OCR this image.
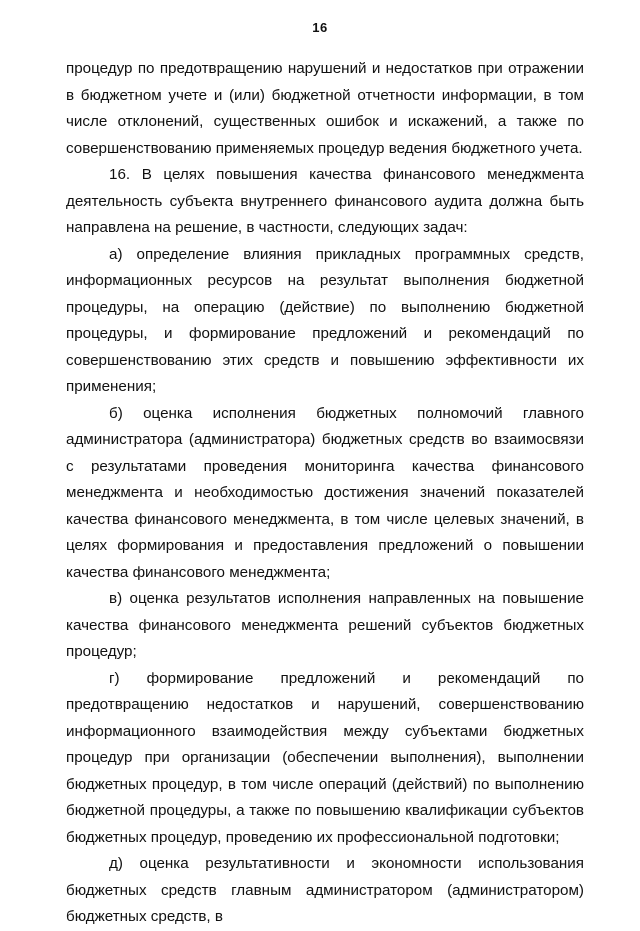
16

процедур по предотвращению нарушений и недостатков при отражении в бюджетном учете и (или) бюджетной отчетности информации, в том числе отклонений, существенных ошибок и искажений, а также по совершенствованию применяемых процедур ведения бюджетного учета.

16. В целях повышения качества финансового менеджмента деятельность субъекта внутреннего финансового аудита должна быть направлена на решение, в частности, следующих задач:

а) определение влияния прикладных программных средств, информационных ресурсов на результат выполнения бюджетной процедуры, на операцию (действие) по выполнению бюджетной процедуры, и формирование предложений и рекомендаций по совершенствованию этих средств и повышению эффективности их применения;

б) оценка исполнения бюджетных полномочий главного администратора (администратора) бюджетных средств во взаимосвязи с результатами проведения мониторинга качества финансового менеджмента и необходимостью достижения значений показателей качества финансового менеджмента, в том числе целевых значений, в целях формирования и предоставления предложений о повышении качества финансового менеджмента;

в) оценка результатов исполнения направленных на повышение качества финансового менеджмента решений субъектов бюджетных процедур;

г) формирование предложений и рекомендаций по предотвращению недостатков и нарушений, совершенствованию информационного взаимодействия между субъектами бюджетных процедур при организации (обеспечении выполнения), выполнении бюджетных процедур, в том числе операций (действий) по выполнению бюджетной процедуры, а также по повышению квалификации субъектов бюджетных процедур, проведению их профессиональной подготовки;

д) оценка результативности и экономности использования бюджетных средств главным администратором (администратором) бюджетных средств, в
